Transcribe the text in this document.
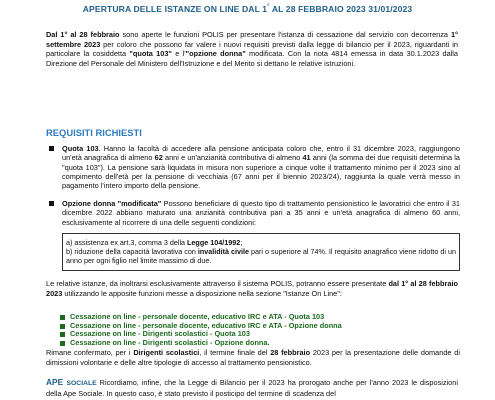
APERTURA DELLE ISTANZE ON LINE DAL 1° AL 28 FEBBRAIO 2023 31/01/2023
Dal 1° al 28 febbraio sono aperte le funzioni POLIS per presentare l'istanza di cessazione dal servizio con decorrenza 1° settembre 2023 per coloro che possono far valere i nuovi requisiti previsti dalla legge di bilancio per il 2023, riguardanti in particolare la cosiddetta "quota 103" e l'"opzione donna" modificata. Con la nota 4814 emessa in data 30.1.2023 dalla Direzione del Personale del Ministero dell'Istruzione e del Merito si dettano le relative istruzioni.
REQUISITI RICHIESTI
Quota 103. Hanno la facoltà di accedere alla pensione anticipata coloro che, entro il 31 dicembre 2023, raggiungono un'età anagrafica di almeno 62 anni e un'anzianità contributiva di almeno 41 anni (la somma dei due requisiti determina la "quota 103"). La pensione sarà liquidata in misura non superiore a cinque volte il trattamento minimo per il 2023 sino al compimento dell'età per la pensione di vecchiaia (67 anni per il biennio 2023/24), raggiunta la quale verrà messo in pagamento l'intero importo della pensione.
Opzione donna "modificata" Possono beneficiare di questo tipo di trattamento pensionistico le lavoratrici che entro il 31 dicembre 2022 abbiano maturato una anzianità contributiva pari a 35 anni e un'età anagrafica di almeno 60 anni, esclusivamente al ricorrere di una delle seguenti condizioni:
a) assistenza ex art.3, comma 3 della Legge 104/1992;
b) riduzione della capacità lavorativa con invalidità civile pari o superiore al 74%. Il requisito anagrafico viene ridotto di un anno per ogni figlio nel limite massimo di due.
Le relative istanze, da inoltrarsi esclusivamente attraverso il sistema POLIS, potranno essere presentate dal 1° al 28 febbraio 2023 utilizzando le apposite funzioni messe a disposizione nella sezione "Istanze On Line":
Cessazione on line - personale docente, educativo IRC e ATA - Quota 103
Cessazione on line - personale docente, educativo IRC e ATA - Opzione donna
Cessazione on line - Dirigenti scolastici - Quota 103
Cessazione on line - Dirigenti scolastici - Opzione donna.
Rimane confermato, per i Dirigenti scolastici, il termine finale del 28 febbraio 2023 per la presentazione delle domande di dimissioni volontarie e delle altre tipologie di accesso al trattamento pensionistico.
APE SOCIALE Ricordiamo, infine, che la Legge di Bilancio per il 2023 ha prorogato anche per l'anno 2023 le disposizioni della Ape Sociale. In questo caso, è stato previsto il posticipo del termine di scadenza del
